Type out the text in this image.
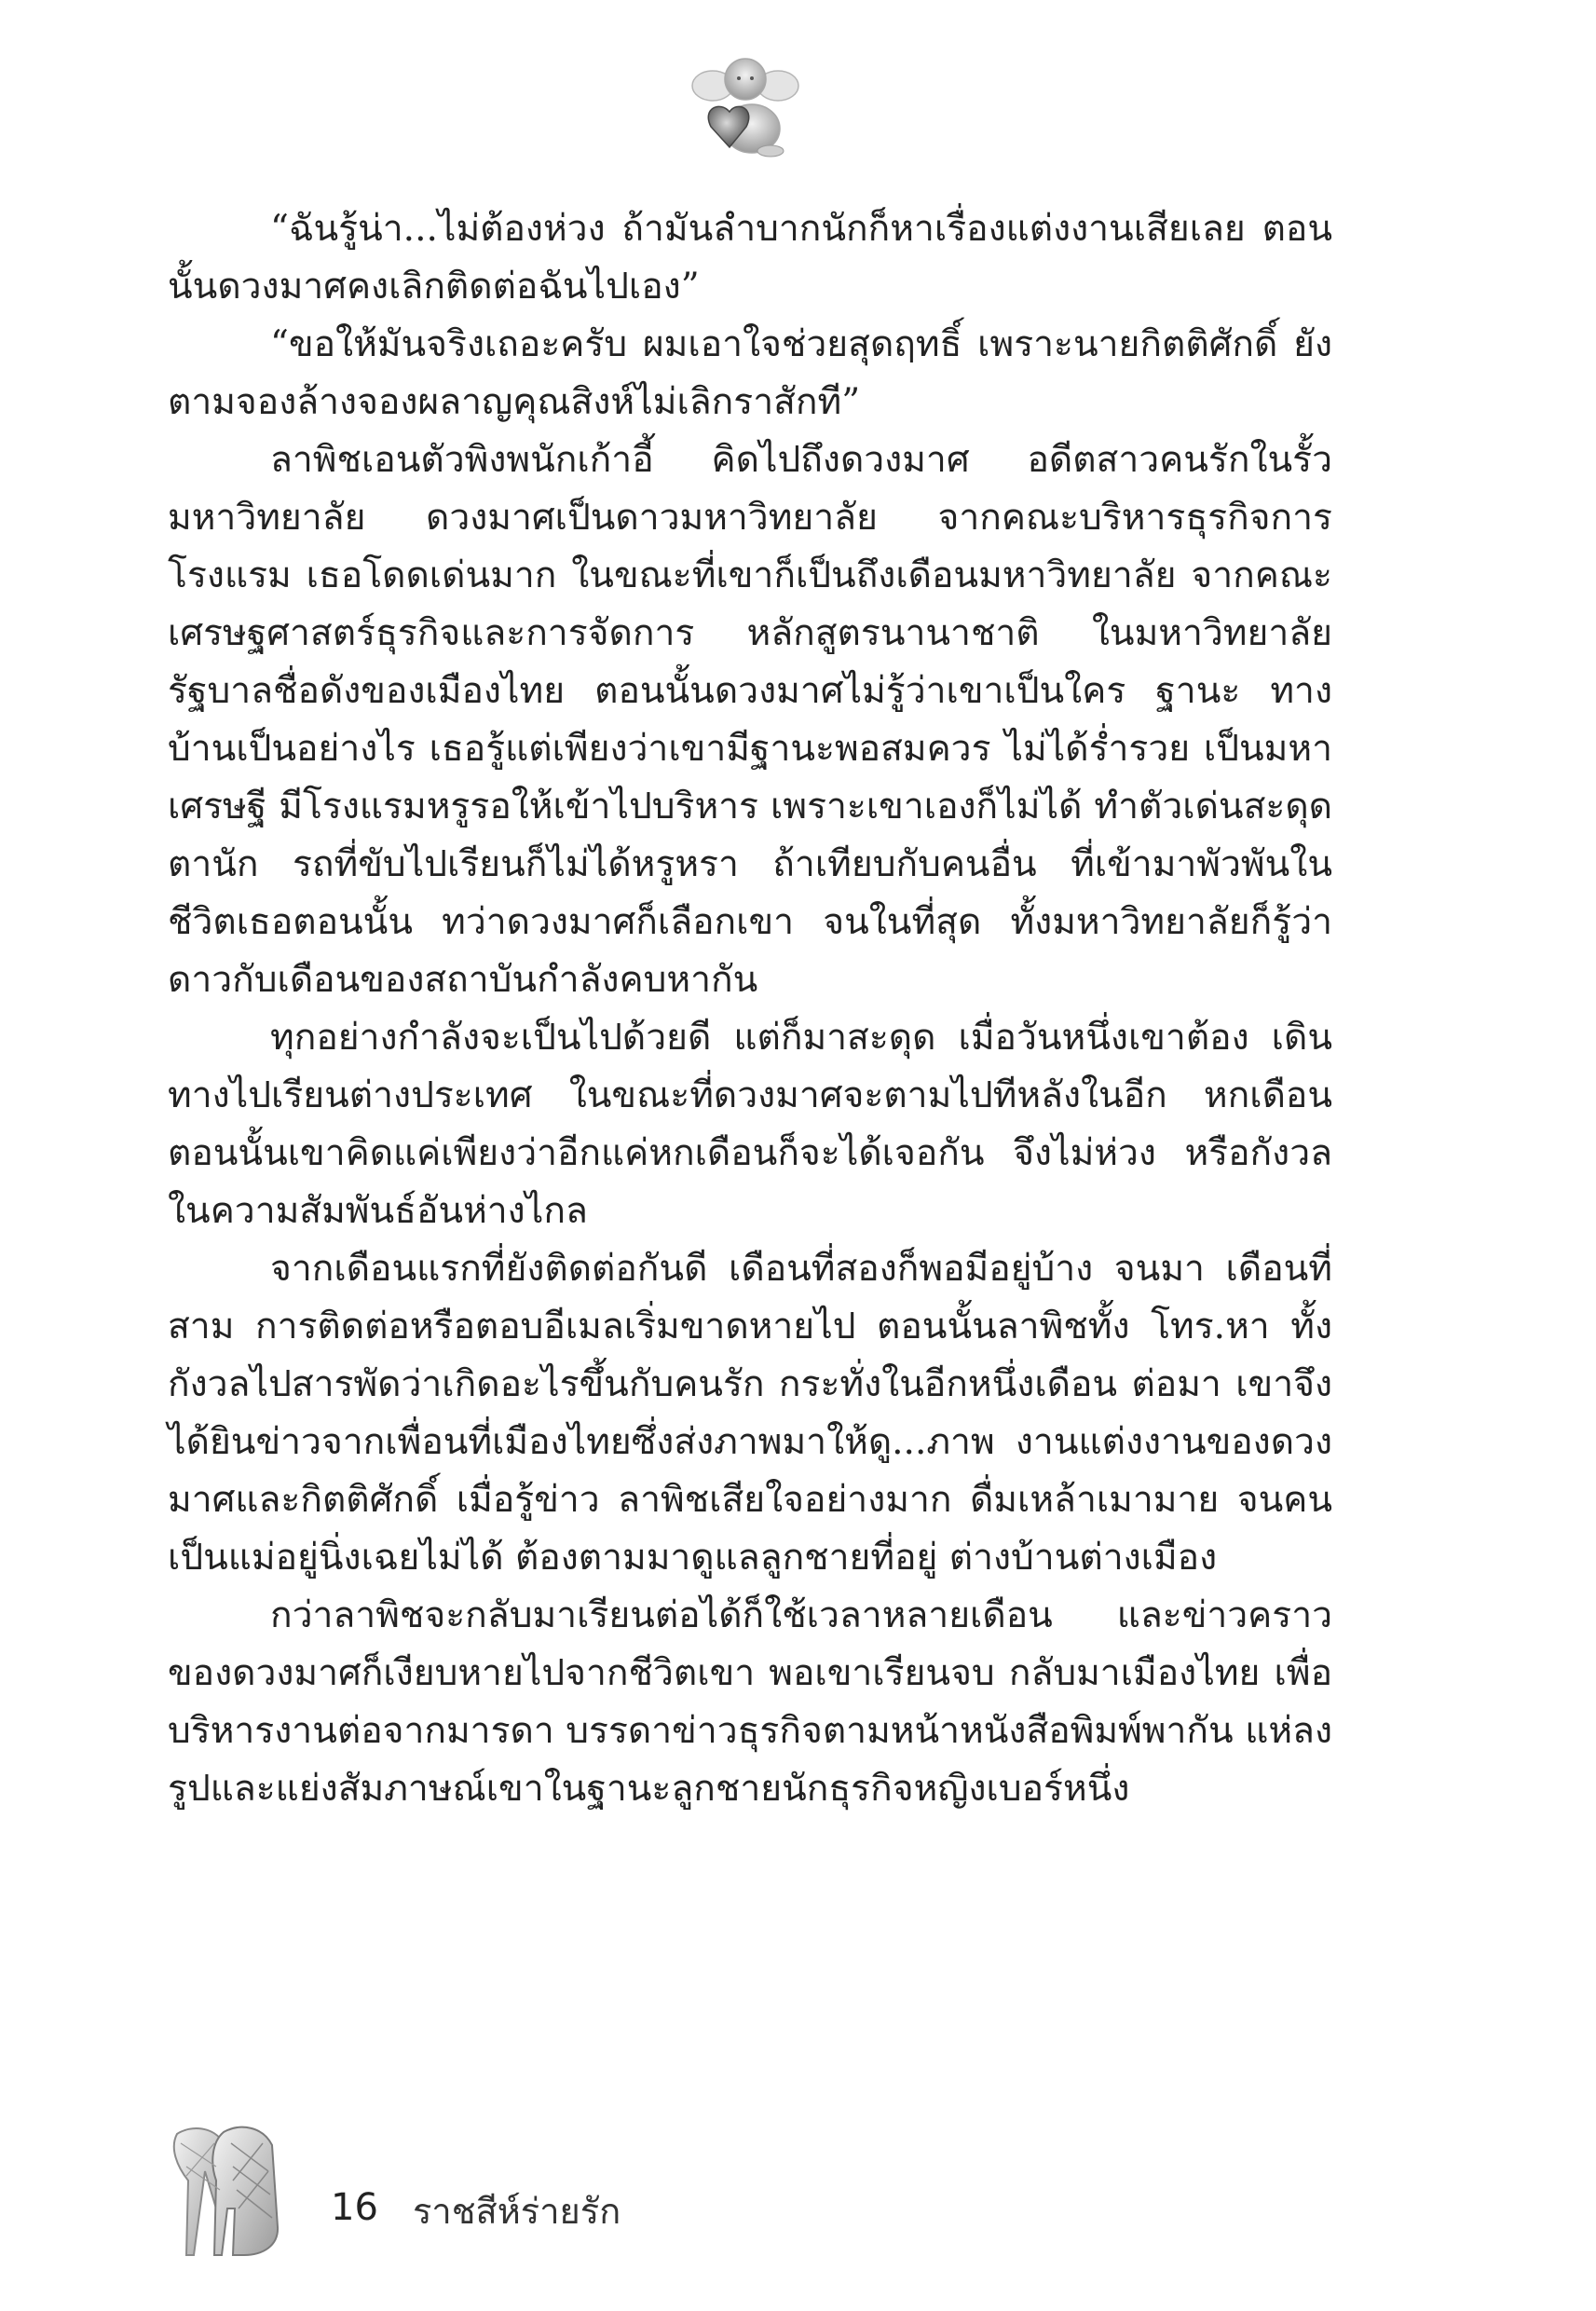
“ฉันรู้น่า...ไม่ต้องห่วง ถ้ามันลำบากนักก็หาเรื่องแต่งงานเสียเลย ตอนนั้นดวงมาศคงเลิกติดต่อฉันไปเอง”

“ขอให้มันจริงเถอะครับ ผมเอาใจช่วยสุดฤทธิ์ เพราะนายกิตติศักดิ์ ยังตามจองล้างจองผลาญคุณสิงห์ไม่เลิกราสักที”

ลาพิชเอนตัวพิงพนักเก้าอี้ คิดไปถึงดวงมาศ อดีตสาวคนรักในรั้ว มหาวิทยาลัย ดวงมาศเป็นดาวมหาวิทยาลัย จากคณะบริหารธุรกิจการ โรงแรม เธอโดดเด่นมาก ในขณะที่เขาก็เป็นถึงเดือนมหาวิทยาลัย จากคณะ เศรษฐศาสตร์ธุรกิจและการจัดการ หลักสูตรนานาชาติ ในมหาวิทยาลัย รัฐบาลชื่อดังของเมืองไทย ตอนนั้นดวงมาศไม่รู้ว่าเขาเป็นใคร ฐานะ ทางบ้านเป็นอย่างไร เธอรู้แต่เพียงว่าเขามีฐานะพอสมควร ไม่ได้ร่ำรวย เป็นมหาเศรษฐี มีโรงแรมหรูรอให้เข้าไปบริหาร เพราะเขาเองก็ไม่ได้ ทำตัวเด่นสะดุดตานัก รถที่ขับไปเรียนก็ไม่ได้หรูหรา ถ้าเทียบกับคนอื่น ที่เข้ามาพัวพันในชีวิตเธอตอนนั้น ทว่าดวงมาศก็เลือกเขา จนในที่สุด ทั้งมหาวิทยาลัยก็รู้ว่าดาวกับเดือนของสถาบันกำลังคบหากัน

ทุกอย่างกำลังจะเป็นไปด้วยดี แต่ก็มาสะดุด เมื่อวันหนึ่งเขาต้อง เดินทางไปเรียนต่างประเทศ ในขณะที่ดวงมาศจะตามไปทีหลังในอีก หกเดือน ตอนนั้นเขาคิดแค่เพียงว่าอีกแค่หกเดือนก็จะได้เจอกัน จึงไม่ห่วง หรือกังวลในความสัมพันธ์อันห่างไกล

จากเดือนแรกที่ยังติดต่อกันดี เดือนที่สองก็พอมีอยู่บ้าง จนมา เดือนที่สาม การติดต่อหรือตอบอีเมลเริ่มขาดหายไป ตอนนั้นลาพิชทั้ง โทร.หา ทั้งกังวลไปสารพัดว่าเกิดอะไรขึ้นกับคนรัก กระทั่งในอีกหนึ่งเดือน ต่อมา เขาจึงได้ยินข่าวจากเพื่อนที่เมืองไทยซึ่งส่งภาพมาให้ดู...ภาพ งานแต่งงานของดวงมาศและกิตติศักดิ์ เมื่อรู้ข่าว ลาพิชเสียใจอย่างมาก ดื่มเหล้าเมามาย จนคนเป็นแม่อยู่นิ่งเฉยไม่ได้ ต้องตามมาดูแลลูกชายที่อยู่ ต่างบ้านต่างเมือง

กว่าลาพิชจะกลับมาเรียนต่อได้ก็ใช้เวลาหลายเดือน และข่าวคราว ของดวงมาศก็เงียบหายไปจากชีวิตเขา พอเขาเรียนจบ กลับมาเมืองไทย เพื่อบริหารงานต่อจากมารดา บรรดาข่าวธุรกิจตามหน้าหนังสือพิมพ์พากัน แห่ลงรูปและแย่งสัมภาษณ์เขาในฐานะลูกชายนักธุรกิจหญิงเบอร์หนึ่ง

16 ราชสีห์ร่ายรัก
